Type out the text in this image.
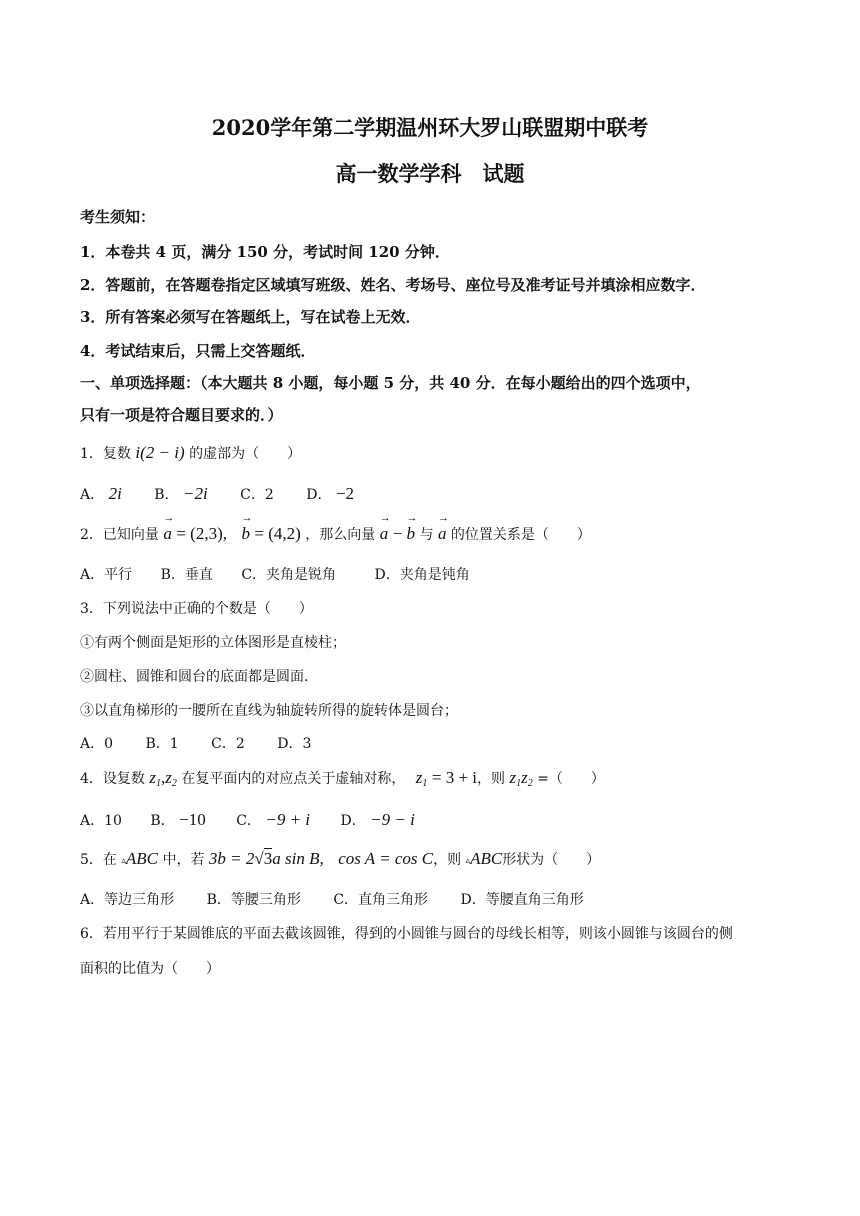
2020学年第二学期温州环大罗山联盟期中联考
高一数学学科　试题
考生须知：
1．本卷共 4 页，满分 150 分，考试时间 120 分钟．
2．答题前，在答题卷指定区域填写班级、姓名、考场号、座位号及准考证号并填涂相应数字．
3．所有答案必须写在答题纸上，写在试卷上无效．
4．考试结束后，只需上交答题纸．
一、单项选择题：（本大题共 8 小题，每小题 5 分，共 40 分．在每小题给出的四个选项中，
只有一项是符合题目要求的．）
1．复数 i(2 − i) 的虚部为（　　）
A． 2i B． −2i C．2 D． −2
2．已知向量 → a = (2,3), → b = (4,2) ，那么向量 → a − → b 与 → a 的位置关系是（　　）
A．平行 B．垂直 C．夹角是锐角	D．夹角是钝角
3．下列说法中正确的个数是（　　）
①有两个侧面是矩形的立体图形是直棱柱；
②圆柱、圆锥和圆台的底面都是圆面．
③以直角梯形的一腰所在直线为轴旋转所得的旋转体是圆台；
A．0 B．1 C．2 D．3
4．设复数 $z_1,z_2$ 在复平面内的对应点关于虚轴对称， $z_1 = 3 + i$，则 $z_1z_2$ =（　　）
A．10 B． −10 C． −9 + i D． −9 − i
5．在 ▵ABC 中，若 3b = 2√3a sin B, cos A = cos C，则 ▵ABC形状为（　　）
A．等边三角形 B．等腰三角形 C．直角三角形 D．等腰直角三角形
6．若用平行于某圆锥底的平面去截该圆锥，得到的小圆锥与圆台的母线长相等，则该小圆锥与该圆台的侧
面积的比值为（　　）
